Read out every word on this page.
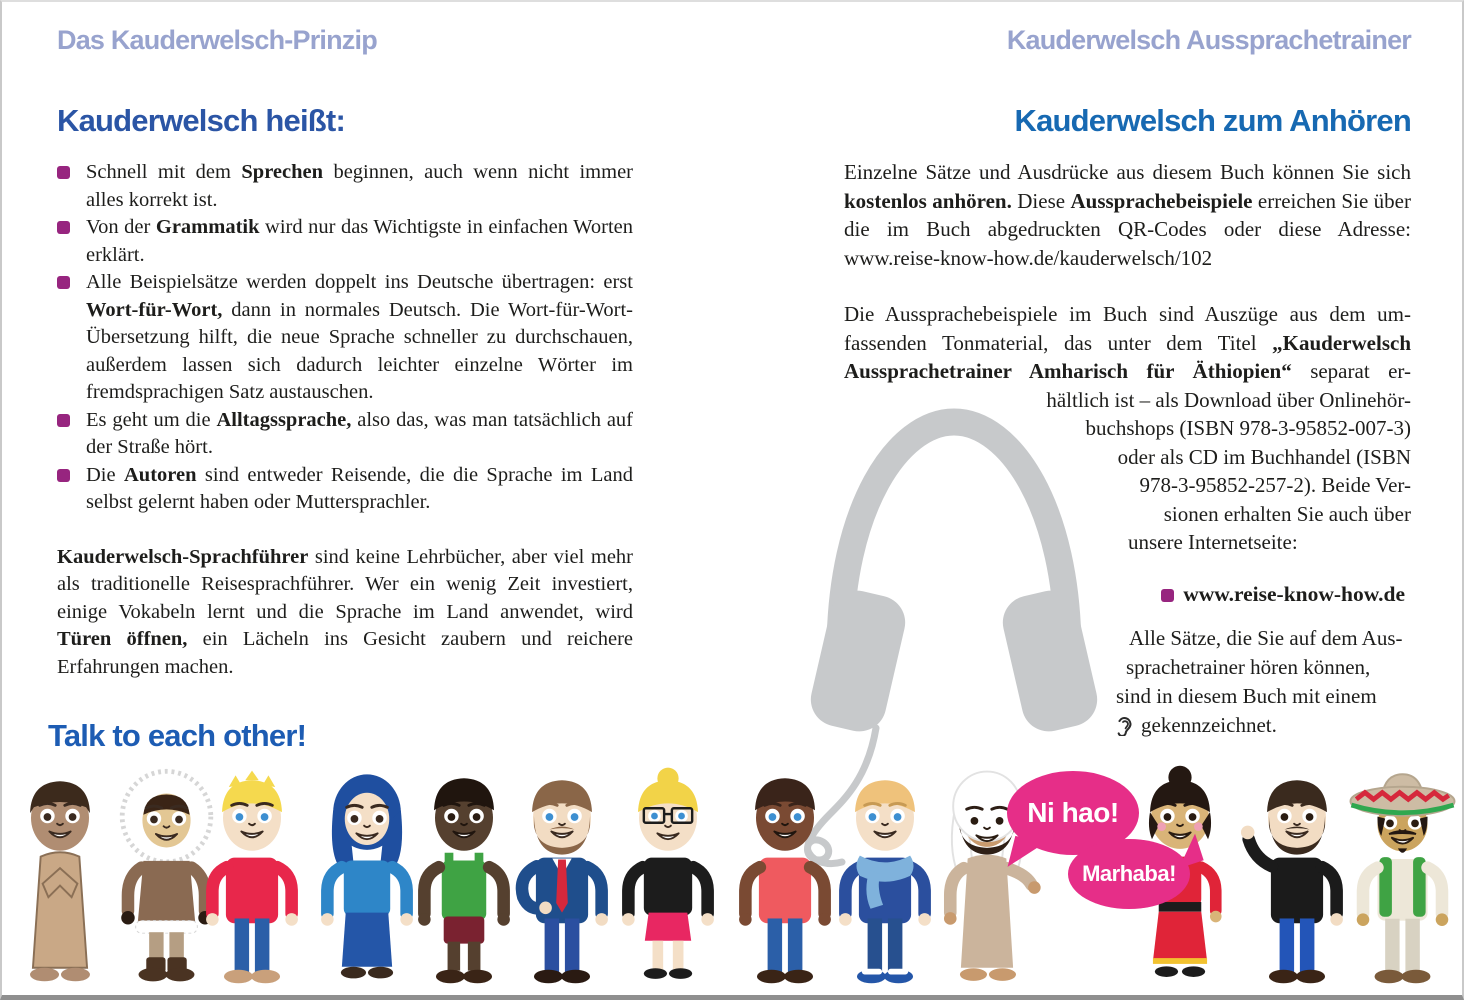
Das Kauderwelsch-Prinzip
Kauderwelsch heißt:
Schnell mit dem Sprechen beginnen, auch wenn nicht immer alles korrekt ist.
Von der Grammatik wird nur das Wichtigste in einfachen Worten erklärt.
Alle Beispielsätze werden doppelt ins Deutsche übertragen: erst Wort-für-Wort, dann in normales Deutsch. Die Wort-für-Wort-Übersetzung hilft, die neue Sprache schneller zu durchschauen, außerdem lassen sich dadurch leichter einzelne Wörter im fremdsprachigen Satz austauschen.
Es geht um die Alltagssprache, also das, was man tatsächlich auf der Straße hört.
Die Autoren sind entweder Reisende, die die Sprache im Land selbst gelernt haben oder Muttersprachler.
Kauderwelsch-Sprachführer sind keine Lehrbücher, aber viel mehr als traditionelle Reisesprachführer. Wer ein wenig Zeit investiert, einige Vokabeln lernt und die Sprache im Land anwendet, wird Türen öffnen, ein Lächeln ins Gesicht zaubern und reichere Erfahrungen machen.
Talk to each other!
Kauderwelsch Aussprachetrainer
Kauderwelsch zum Anhören
Einzelne Sätze und Ausdrücke aus diesem Buch können Sie sich kostenlos anhören. Diese Aussprachebeispiele erreichen Sie über die im Buch abgedruckten QR-Codes oder diese Adresse: www.reise-know-how.de/kauderwelsch/102
Die Aussprachebeispiele im Buch sind Auszüge aus dem um-
fassenden Tonmaterial, das unter dem Titel „Kauderwelsch
Aussprachetrainer Amharisch für Äthiopien“ separat er-
hältlich ist – als Download über Onlinehör-
buchshops (ISBN 978-3-95852-007-3)
oder als CD im Buchhandel (ISBN
978-3-95852-257-2). Beide Ver-
sionen erhalten Sie auch über
unsere Internetseite:
www.reise-know-how.de
Alle Sätze, die Sie auf dem Aus-
sprachetrainer hören können,
sind in diesem Buch mit einem
gekennzeichnet.
Ni hao!
Marhaba!
